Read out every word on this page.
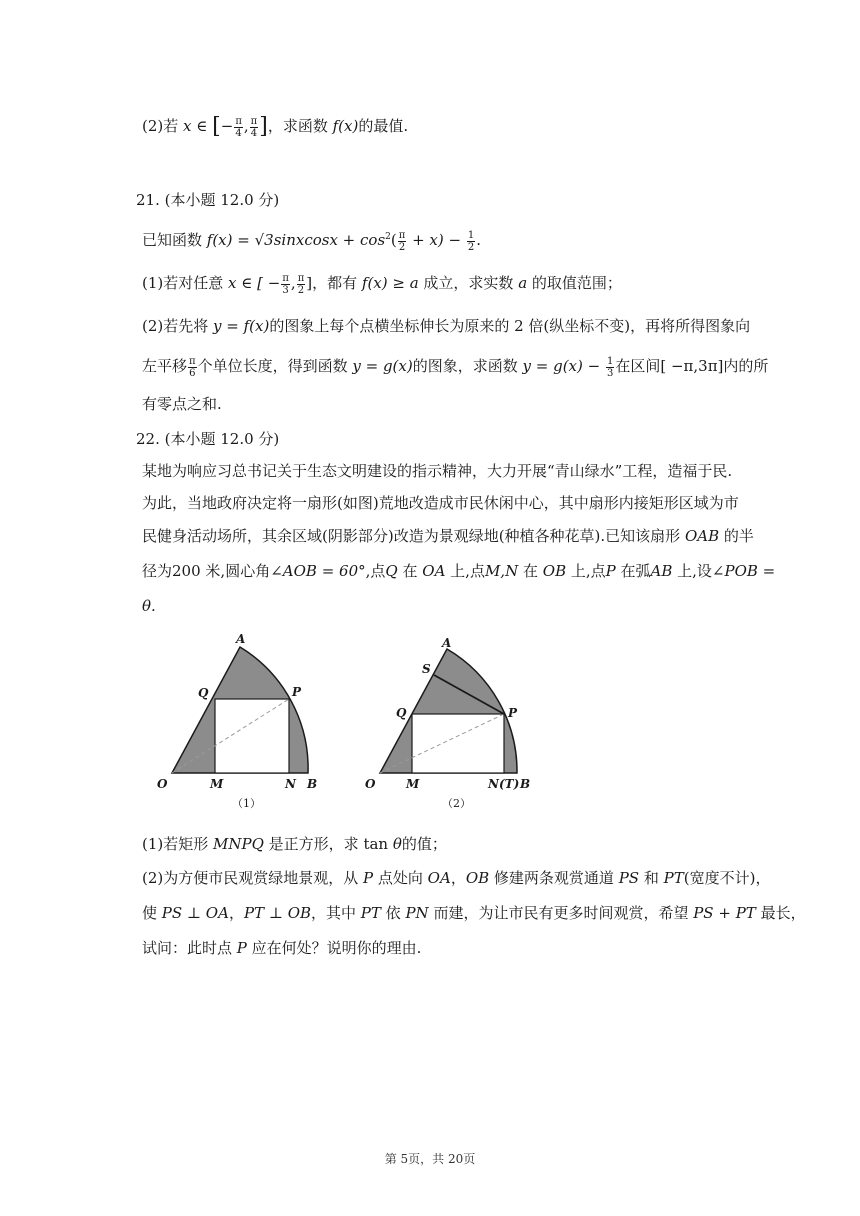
(2)若 x ∈ [− $\frac{\pi}{4}$ , $\frac{\pi}{4}$ ]，求函数 f(x)的最值.
21. (本小题 12.0 分)
已知函数 f(x) = √3sinxcosx + $\cos^2( \frac{\pi}{2} + x) - \frac{1}{2}$ .
(1)若对任意 x ∈ [ − $\frac{\pi}{3}$ , $\frac{\pi}{2}$ ]，都有 f(x) ≥ a 成立，求实数 a 的取值范围；
(2)若先将 y = f(x)的图象上每个点横坐标伸长为原来的 2 倍(纵坐标不变)，再将所得图象向
左平移 $\frac{\pi}{6}$ 个单位长度，得到函数 y = g(x)的图象，求函数 $y = g(x) - \frac{1}{3}$ 在区间[ −π,3π]内的所
有零点之和.
22. (本小题 12.0 分)
某地为响应习总书记关于生态文明建设的指示精神，大力开展“青山绿水”工程，造福于民.
为此，当地政府决定将一扇形(如图)荒地改造成市民休闲中心，其中扇形内接矩形区域为市
民健身活动场所，其余区域(阴影部分)改造为景观绿地(种植各种花草).已知该扇形 OAB 的半
径为200 米,圆心角∠AOB = 60°,点Q 在 OA 上,点M,N 在 OB 上,点P 在弧AB 上,设∠POB =
θ.
A
Q	P
O	M	N B
（1）
A
S
Q	P
O	M	N(T) B
（2）
(1)若矩形 MNPQ 是正方形，求 tan θ的值；
(2)为方便市民观赏绿地景观，从 P 点处向 OA，OB 修建两条观赏通道 PS 和 PT(宽度不计)，
使 PS ⊥ OA，PT ⊥ OB，其中 PT 依 PN 而建，为让市民有更多时间观赏，希望 PS + PT 最长，
试问：此时点 P 应在何处？说明你的理由.
第 5页，共 20页
